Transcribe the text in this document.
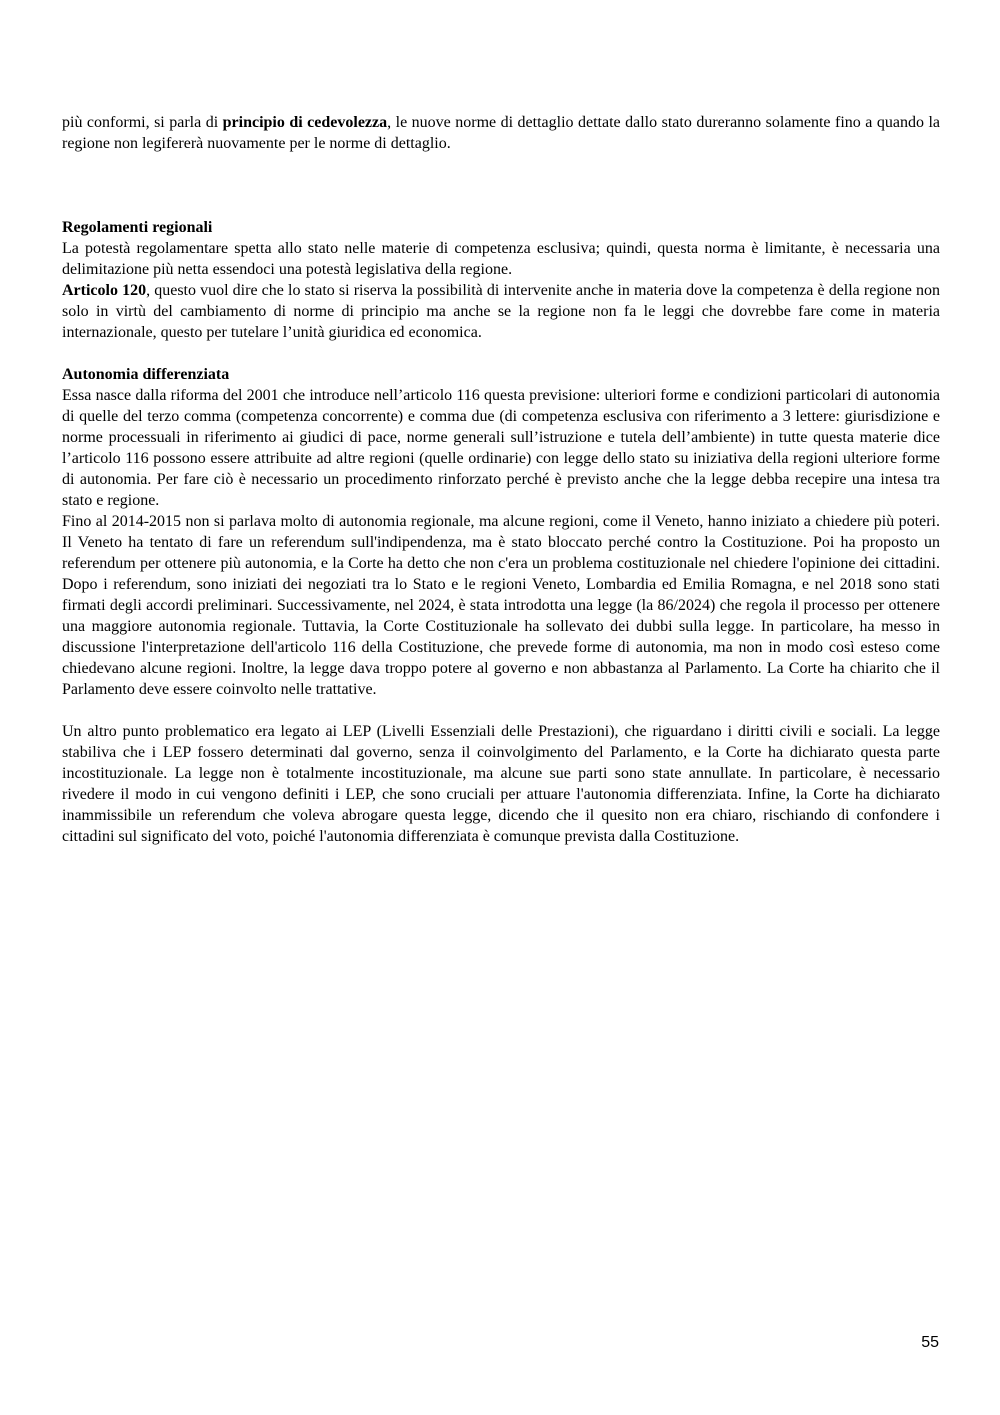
più conformi, si parla di principio di cedevolezza, le nuove norme di dettaglio dettate dallo stato dureranno solamente fino a quando la regione non legifererà nuovamente per le norme di dettaglio.

Regolamenti regionali

La potestà regolamentare spetta allo stato nelle materie di competenza esclusiva; quindi, questa norma è limitante, è necessaria una delimitazione più netta essendoci una potestà legislativa della regione.

Articolo 120, questo vuol dire che lo stato si riserva la possibilità di intervenite anche in materia dove la competenza è della regione non solo in virtù del cambiamento di norme di principio ma anche se la regione non fa le leggi che dovrebbe fare come in materia internazionale, questo per tutelare l’unità giuridica ed economica.

Autonomia differenziata

Essa nasce dalla riforma del 2001 che introduce nell’articolo 116 questa previsione: ulteriori forme e condizioni particolari di autonomia di quelle del terzo comma (competenza concorrente) e comma due (di competenza esclusiva con riferimento a 3 lettere: giurisdizione e norme processuali in riferimento ai giudici di pace, norme generali sull’istruzione e tutela dell’ambiente) in tutte questa materie dice l’articolo 116 possono essere attribuite ad altre regioni (quelle ordinarie) con legge dello stato su iniziativa della regioni ulteriore forme di autonomia. Per fare ciò è necessario un procedimento rinforzato perché è previsto anche che la legge debba recepire una intesa tra stato e regione.

Fino al 2014-2015 non si parlava molto di autonomia regionale, ma alcune regioni, come il Veneto, hanno iniziato a chiedere più poteri. Il Veneto ha tentato di fare un referendum sull'indipendenza, ma è stato bloccato perché contro la Costituzione. Poi ha proposto un referendum per ottenere più autonomia, e la Corte ha detto che non c'era un problema costituzionale nel chiedere l'opinione dei cittadini. Dopo i referendum, sono iniziati dei negoziati tra lo Stato e le regioni Veneto, Lombardia ed Emilia Romagna, e nel 2018 sono stati firmati degli accordi preliminari. Successivamente, nel 2024, è stata introdotta una legge (la 86/2024) che regola il processo per ottenere una maggiore autonomia regionale. Tuttavia, la Corte Costituzionale ha sollevato dei dubbi sulla legge. In particolare, ha messo in discussione l'interpretazione dell'articolo 116 della Costituzione, che prevede forme di autonomia, ma non in modo così esteso come chiedevano alcune regioni. Inoltre, la legge dava troppo potere al governo e non abbastanza al Parlamento. La Corte ha chiarito che il Parlamento deve essere coinvolto nelle trattative.

Un altro punto problematico era legato ai LEP (Livelli Essenziali delle Prestazioni), che riguardano i diritti civili e sociali. La legge stabiliva che i LEP fossero determinati dal governo, senza il coinvolgimento del Parlamento, e la Corte ha dichiarato questa parte incostituzionale. La legge non è totalmente incostituzionale, ma alcune sue parti sono state annullate. In particolare, è necessario rivedere il modo in cui vengono definiti i LEP, che sono cruciali per attuare l'autonomia differenziata. Infine, la Corte ha dichiarato inammissibile un referendum che voleva abrogare questa legge, dicendo che il quesito non era chiaro, rischiando di confondere i cittadini sul significato del voto, poiché l'autonomia differenziata è comunque prevista dalla Costituzione.

55
